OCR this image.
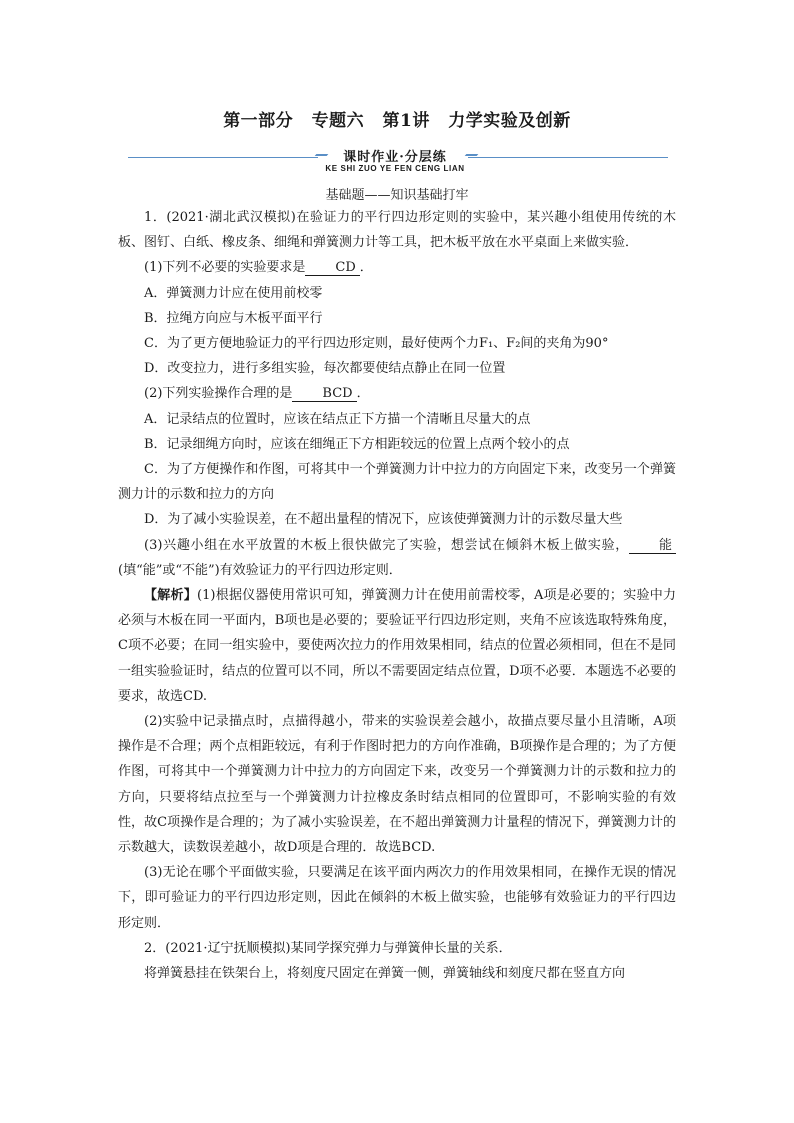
第一部分 专题六 第1讲 力学实验及创新
课时作业·分层练
KE SHI ZUO YE FEN CENG LIAN
基础题——知识基础打牢

1．(2021·湖北武汉模拟)在验证力的平行四边形定则的实验中，某兴趣小组使用传统的木板、图钉、白纸、橡皮条、细绳和弹簧测力计等工具，把木板平放在水平桌面上来做实验．

(1)下列不必要的实验要求是 CD ．

A．弹簧测力计应在使用前校零

B．拉绳方向应与木板平面平行

C．为了更方便地验证力的平行四边形定则，最好使两个力F₁、F₂间的夹角为90°

D．改变拉力，进行多组实验，每次都要使结点静止在同一位置

(2)下列实验操作合理的是 BCD ．

A．记录结点的位置时，应该在结点正下方描一个清晰且尽量大的点

B．记录细绳方向时，应该在细绳正下方相距较远的位置上点两个较小的点

C．为了方便操作和作图，可将其中一个弹簧测力计中拉力的方向固定下来，改变另一个弹簧测力计的示数和拉力的方向

D．为了减小实验误差，在不超出量程的情况下，应该使弹簧测力计的示数尽量大些

(3)兴趣小组在水平放置的木板上很快做完了实验，想尝试在倾斜木板上做实验， 能(填“能”或“不能”)有效验证力的平行四边形定则．

【解析】(1)根据仪器使用常识可知，弹簧测力计在使用前需校零，A项是必要的；实验中力必须与木板在同一平面内，B项也是必要的；要验证平行四边形定则，夹角不应该选取特殊角度，C项不必要；在同一组实验中，要使两次拉力的作用效果相同，结点的位置必须相同，但在不是同一组实验验证时，结点的位置可以不同，所以不需要固定结点位置，D项不必要．本题选不必要的要求，故选CD.

(2)实验中记录描点时，点描得越小，带来的实验误差会越小，故描点要尽量小且清晰，A项操作是不合理；两个点相距较远，有利于作图时把力的方向作准确，B项操作是合理的；为了方便作图，可将其中一个弹簧测力计中拉力的方向固定下来，改变另一个弹簧测力计的示数和拉力的方向，只要将结点拉至与一个弹簧测力计拉橡皮条时结点相同的位置即可，不影响实验的有效性，故C项操作是合理的；为了减小实验误差，在不超出弹簧测力计量程的情况下，弹簧测力计的示数越大，读数误差越小，故D项是合理的．故选BCD.

(3)无论在哪个平面做实验，只要满足在该平面内两次力的作用效果相同，在操作无误的情况下，即可验证力的平行四边形定则，因此在倾斜的木板上做实验，也能够有效验证力的平行四边形定则．

2．(2021·辽宁抚顺模拟)某同学探究弹力与弹簧伸长量的关系．

将弹簧悬挂在铁架台上，将刻度尺固定在弹簧一侧，弹簧轴线和刻度尺都在竖直方向
